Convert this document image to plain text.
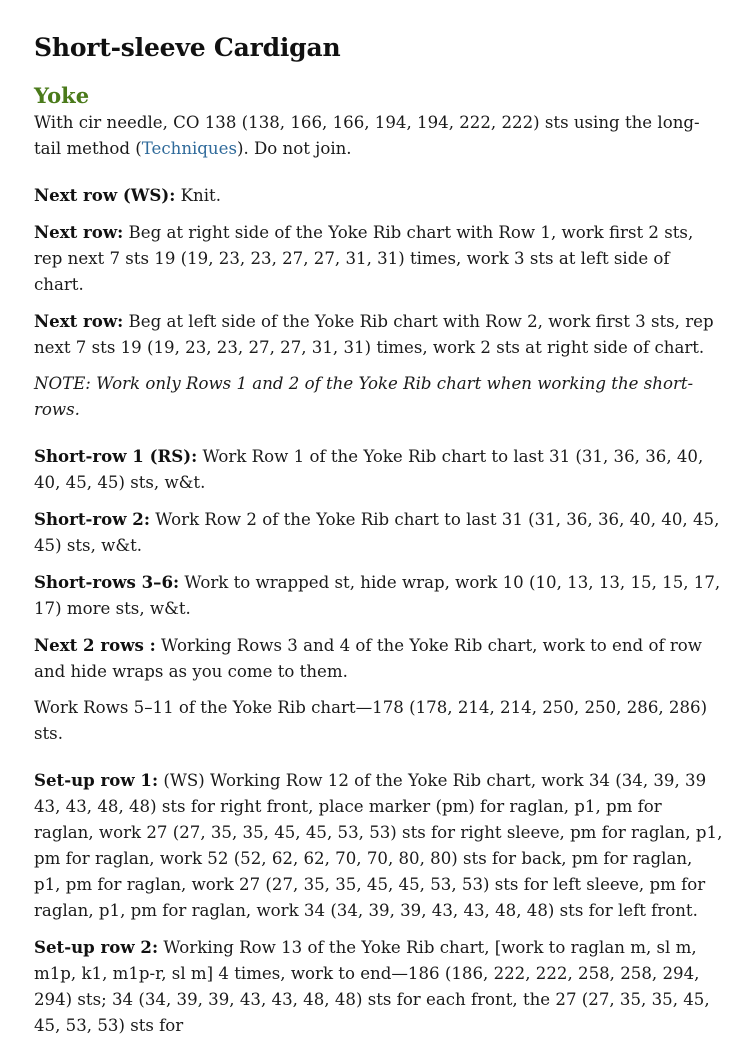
Short-sleeve Cardigan
Yoke

With cir needle, CO 138 (138, 166, 166, 194, 194, 222, 222) sts using the long-tail method (Techniques). Do not join.

Next row (WS): Knit.

Next row: Beg at right side of the Yoke Rib chart with Row 1, work first 2 sts, rep next 7 sts 19 (19, 23, 23, 27, 27, 31, 31) times, work 3 sts at left side of chart.

Next row: Beg at left side of the Yoke Rib chart with Row 2, work first 3 sts, rep next 7 sts 19 (19, 23, 23, 27, 27, 31, 31) times, work 2 sts at right side of chart.

NOTE: Work only Rows 1 and 2 of the Yoke Rib chart when working the short-rows.

Short-row 1 (RS): Work Row 1 of the Yoke Rib chart to last 31 (31, 36, 36, 40, 40, 45, 45) sts, w&t.

Short-row 2: Work Row 2 of the Yoke Rib chart to last 31 (31, 36, 36, 40, 40, 45, 45) sts, w&t.

Short-rows 3–6: Work to wrapped st, hide wrap, work 10 (10, 13, 13, 15, 15, 17, 17) more sts, w&t.

Next 2 rows : Working Rows 3 and 4 of the Yoke Rib chart, work to end of row and hide wraps as you come to them.

Work Rows 5–11 of the Yoke Rib chart—178 (178, 214, 214, 250, 250, 286, 286) sts.

Set-up row 1: (WS) Working Row 12 of the Yoke Rib chart, work 34 (34, 39, 39 43, 43, 48, 48) sts for right front, place marker (pm) for raglan, p1, pm for raglan, work 27 (27, 35, 35, 45, 45, 53, 53) sts for right sleeve, pm for raglan, p1, pm for raglan, work 52 (52, 62, 62, 70, 70, 80, 80) sts for back, pm for raglan, p1, pm for raglan, work 27 (27, 35, 35, 45, 45, 53, 53) sts for left sleeve, pm for raglan, p1, pm for raglan, work 34 (34, 39, 39, 43, 43, 48, 48) sts for left front.

Set-up row 2: Working Row 13 of the Yoke Rib chart, [work to raglan m, sl m, m1p, k1, m1p-r, sl m] 4 times, work to end—186 (186, 222, 222, 258, 258, 294, 294) sts; 34 (34, 39, 39, 43, 43, 48, 48) sts for each front, the 27 (27, 35, 35, 45, 45, 53, 53) sts for
